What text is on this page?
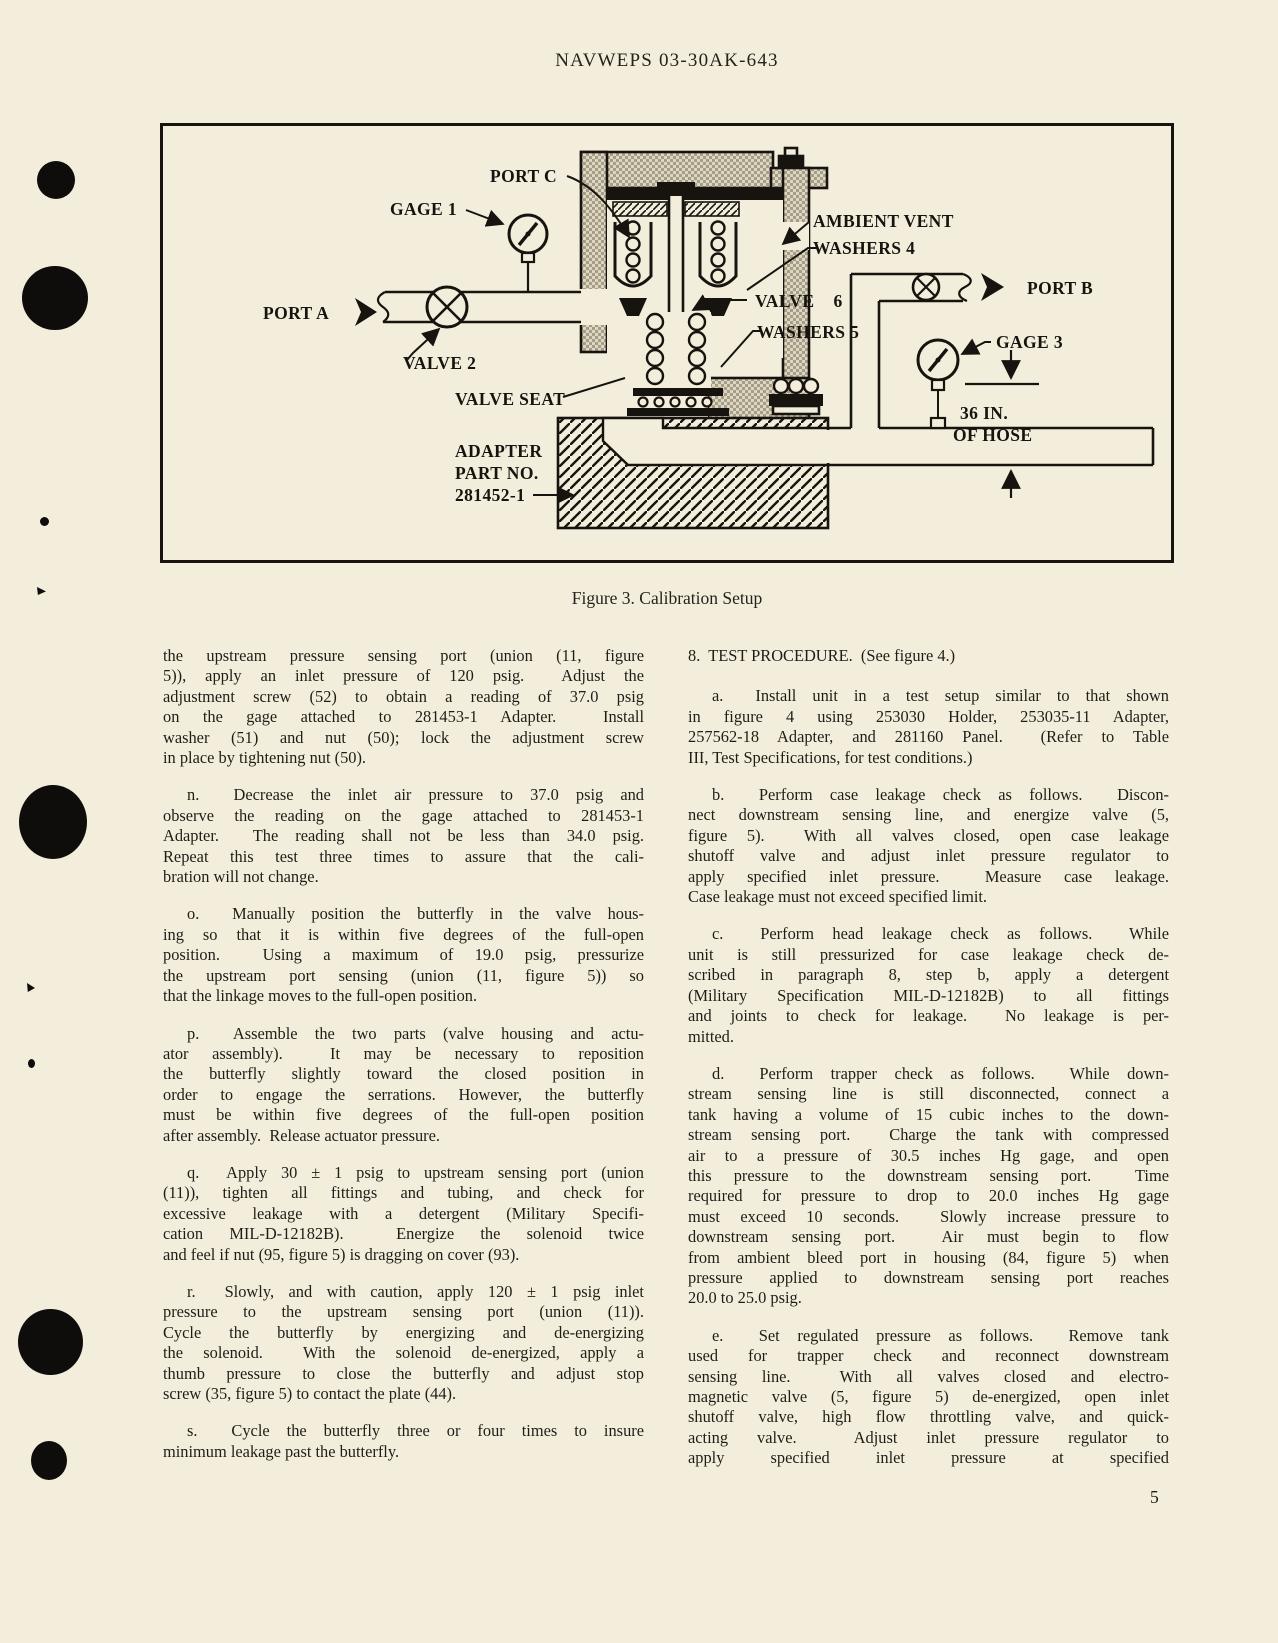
NAVWEPS 03-30AK-643
PORT C
GAGE 1
PORT A
VALVE 2
VALVE SEAT
AMBIENT VENT
WASHERS 4
VALVE    6
WASHERS 5
PORT B
GAGE 3
36 IN.
OF HOSE
ADAPTER
PART NO.
281452-1
Figure 3. Calibration Setup
the upstream pressure sensing port (union (11, figure
5)), apply an inlet pressure of 120 psig.  Adjust the
adjustment screw (52) to obtain a reading of 37.0 psig
on the gage attached to 281453-1 Adapter.  Install
washer (51) and nut (50); lock the adjustment screw
in place by tightening nut (50).
n.  Decrease the inlet air pressure to 37.0 psig and
observe the reading on the gage attached to 281453-1
Adapter.  The reading shall not be less than 34.0 psig.
Repeat this test three times to assure that the cali-
bration will not change.
o.  Manually position the butterfly in the valve hous-
ing so that it is within five degrees of the full-open
position.  Using a maximum of 19.0 psig, pressurize
the upstream port sensing (union (11, figure 5)) so
that the linkage moves to the full-open position.
p.  Assemble the two parts (valve housing and actu-
ator assembly).  It may be necessary to reposition
the butterfly slightly toward the closed position in
order to engage the serrations. However, the butterfly
must be within five degrees of the full-open position
after assembly.  Release actuator pressure.
q.  Apply 30 ± 1 psig to upstream sensing port (union
(11)), tighten all fittings and tubing, and check for
excessive leakage with a detergent (Military Specifi-
cation MIL-D-12182B).  Energize the solenoid twice
and feel if nut (95, figure 5) is dragging on cover (93).
r.  Slowly, and with caution, apply 120 ± 1 psig inlet
pressure to the upstream sensing port (union (11)).
Cycle the butterfly by energizing and de-energizing
the solenoid.  With the solenoid de-energized, apply a
thumb pressure to close the butterfly and adjust stop
screw (35, figure 5) to contact the plate (44).
s.  Cycle the butterfly three or four times to insure
minimum leakage past the butterfly.
8.  TEST PROCEDURE.  (See figure 4.)
a.  Install unit in a test setup similar to that shown
in figure 4 using 253030 Holder, 253035-11 Adapter,
257562-18 Adapter, and 281160 Panel.  (Refer to Table
III, Test Specifications, for test conditions.)
b.  Perform case leakage check as follows.  Discon-
nect downstream sensing line, and energize valve (5,
figure 5).  With all valves closed, open case leakage
shutoff valve and adjust inlet pressure regulator to
apply specified inlet pressure.  Measure case leakage.
Case leakage must not exceed specified limit.
c.  Perform head leakage check as follows.  While
unit is still pressurized for case leakage check de-
scribed in paragraph 8, step b, apply a detergent
(Military Specification MIL-D-12182B) to all fittings
and joints to check for leakage.  No leakage is per-
mitted.
d.  Perform trapper check as follows.  While down-
stream sensing line is still disconnected, connect a
tank having a volume of 15 cubic inches to the down-
stream sensing port.  Charge the tank with compressed
air to a pressure of 30.5 inches Hg gage, and open
this pressure to the downstream sensing port.  Time
required for pressure to drop to 20.0 inches Hg gage
must exceed 10 seconds.  Slowly increase pressure to
downstream sensing port.  Air must begin to flow
from ambient bleed port in housing (84, figure 5) when
pressure applied to downstream sensing port reaches
20.0 to 25.0 psig.
e.  Set regulated pressure as follows.  Remove tank
used for trapper check and reconnect downstream
sensing line.  With all valves closed and electro-
magnetic valve (5, figure 5) de-energized, open inlet
shutoff valve, high flow throttling valve, and quick-
acting valve.  Adjust inlet pressure regulator to
apply specified inlet pressure at specified
5
